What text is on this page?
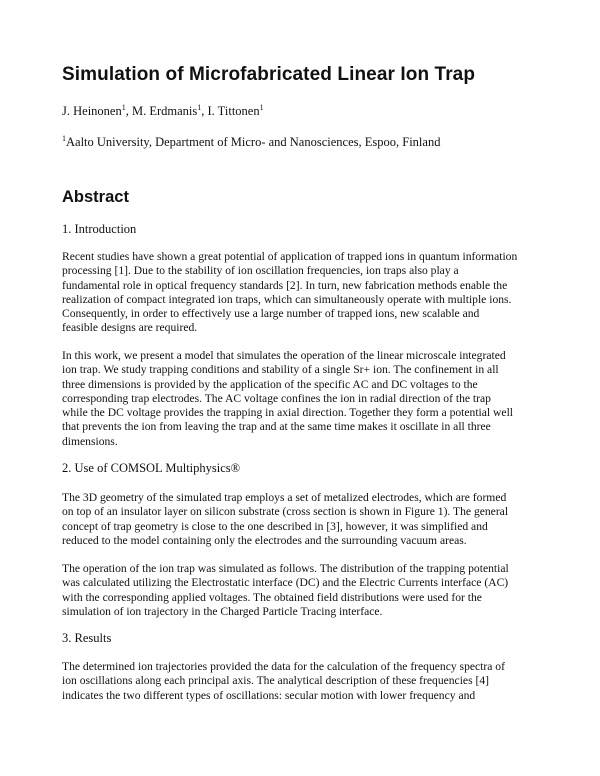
Simulation of Microfabricated Linear Ion Trap
J. Heinonen$^1$, M. Erdmanis$^1$, I. Tittonen$^1$
$^1$Aalto University, Department of Micro- and Nanosciences, Espoo, Finland
Abstract
1. Introduction
Recent studies have shown a great potential of application of trapped ions in quantum information
processing [1]. Due to the stability of ion oscillation frequencies, ion traps also play a
fundamental role in optical frequency standards [2]. In turn, new fabrication methods enable the
realization of compact integrated ion traps, which can simultaneously operate with multiple ions.
Consequently, in order to effectively use a large number of trapped ions, new scalable and
feasible designs are required.
In this work, we present a model that simulates the operation of the linear microscale integrated
ion trap. We study trapping conditions and stability of a single Sr+ ion. The confinement in all
three dimensions is provided by the application of the specific AC and DC voltages to the
corresponding trap electrodes. The AC voltage confines the ion in radial direction of the trap
while the DC voltage provides the trapping in axial direction. Together they form a potential well
that prevents the ion from leaving the trap and at the same time makes it oscillate in all three
dimensions.
2. Use of COMSOL Multiphysics®
The 3D geometry of the simulated trap employs a set of metalized electrodes, which are formed
on top of an insulator layer on silicon substrate (cross section is shown in Figure 1). The general
concept of trap geometry is close to the one described in [3], however, it was simplified and
reduced to the model containing only the electrodes and the surrounding vacuum areas.
The operation of the ion trap was simulated as follows. The distribution of the trapping potential
was calculated utilizing the Electrostatic interface (DC) and the Electric Currents interface (AC)
with the corresponding applied voltages. The obtained field distributions were used for the
simulation of ion trajectory in the Charged Particle Tracing interface.
3. Results
The determined ion trajectories provided the data for the calculation of the frequency spectra of
ion oscillations along each principal axis. The analytical description of these frequencies [4]
indicates the two different types of oscillations: secular motion with lower frequency and
